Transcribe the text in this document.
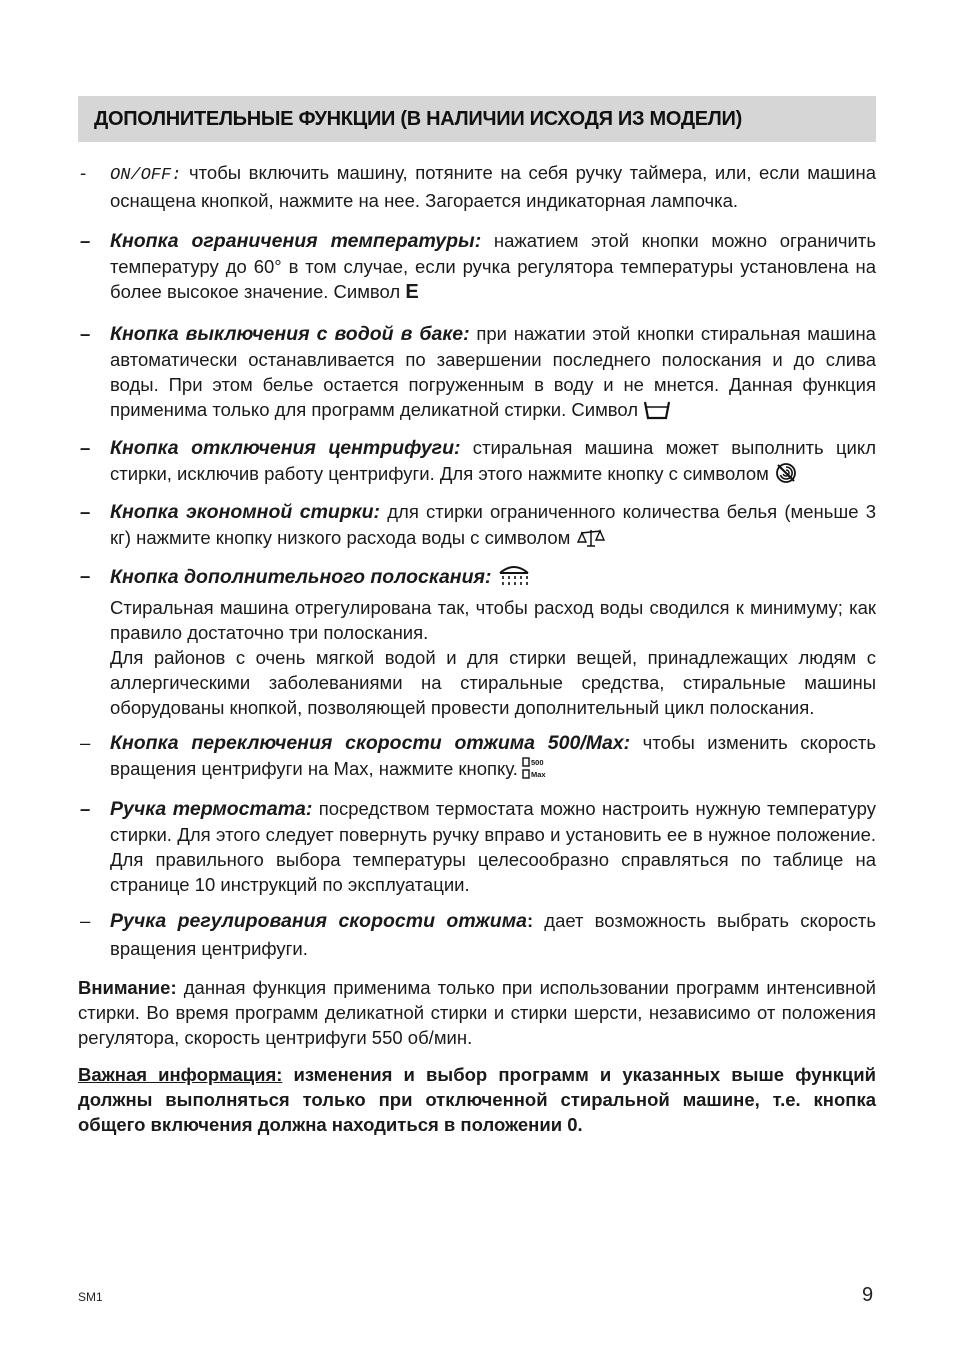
ДОПОЛНИТЕЛЬНЫЕ ФУНКЦИИ (В НАЛИЧИИ ИСХОДЯ ИЗ МОДЕЛИ)
- ON/OFF: чтобы включить машину, потяните на себя ручку таймера, или, если машина оснащена кнопкой, нажмите на нее. Загорается индикаторная лампочка.
– Кнопка ограничения температуры: нажатием этой кнопки можно ограничить температуру до 60° в том случае, если ручка регулятора температуры установлена на более высокое значение. Символ E
– Кнопка выключения с водой в баке: при нажатии этой кнопки стиральная машина автоматически останавливается по завершении последнего полоскания и до слива воды. При этом белье остается погруженным в воду и не мнется. Данная функция применима только для программ деликатной стирки. Символ
– Кнопка отключения центрифуги: стиральная машина может выполнить цикл стирки, исключив работу центрифуги. Для этого нажмите кнопку с символом
– Кнопка экономной стирки: для стирки ограниченного количества белья (меньше 3 кг) нажмите кнопку низкого расхода воды с символом
– Кнопка дополнительного полоскания:
Стиральная машина отрегулирована так, чтобы расход воды сводился к минимуму; как правило достаточно три полоскания.
Для районов с очень мягкой водой и для стирки вещей, принадлежащих людям с аллергическими заболеваниями на стиральные средства, стиральные машины оборудованы кнопкой, позволяющей провести дополнительный цикл полоскания.
– Кнопка переключения скорости отжима 500/Max: чтобы изменить скорость вращения центрифуги на Max, нажмите кнопку. 500
Max
– Ручка термостата: посредством термостата можно настроить нужную температуру стирки. Для этого следует повернуть ручку вправо и установить ее в нужное положение. Для правильного выбора температуры целесообразно справляться по таблице на странице 10 инструкций по эксплуатации.
– Ручка регулирования скорости отжима: дает возможность выбрать скорость вращения центрифуги.
Внимание: данная функция применима только при использовании программ интенсивной стирки. Во время программ деликатной стирки и стирки шерсти, независимо от положения регулятора, скорость центрифуги 550 об/мин.
Важная информация: изменения и выбор программ и указанных выше функций должны выполняться только при отключенной стиральной машине, т.е. кнопка общего включения должна находиться в положении 0.
SM1	9
